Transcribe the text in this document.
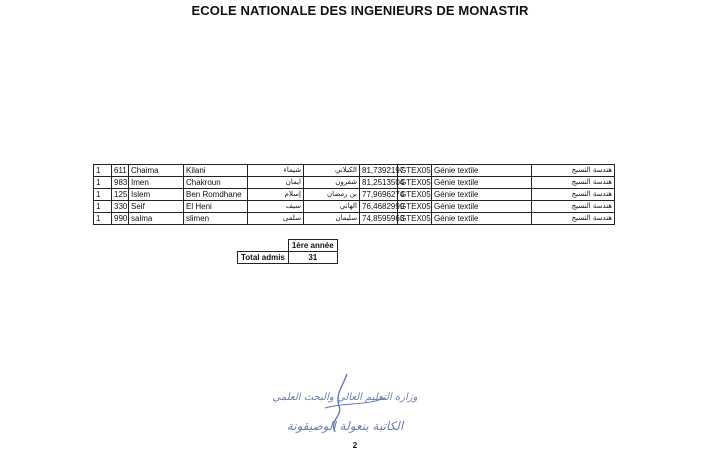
ECOLE NATIONALE DES INGENIEURS DE MONASTIR
1	611	Chaima	Kilani	شيماء	الكيلاني	81,7392197	GTEX05	Génie textile	هندسة النسيج
1	983	Imen	Chakroun	ايمان	شقرون	81,2513504	GTEX05	Génie textile	هندسة النسيج
1	125	Islem	Ben Romdhane	إسلام	بن رمضان	77,9696274	GTEX05	Génie textile	هندسة النسيج
1	330	Seif	El Heni	سيف	الهاني	76,4682999	GTEX05	Génie textile	هندسة النسيج
1	990	salma	slimen	سلمى	سليمان	74,8595963	GTEX05	Génie textile	هندسة النسيج
	1ère année
Total admis	31
وزارة التعليم العالي والبحث العلمي
الكاتبة بنعولة الوصيقونة
2
